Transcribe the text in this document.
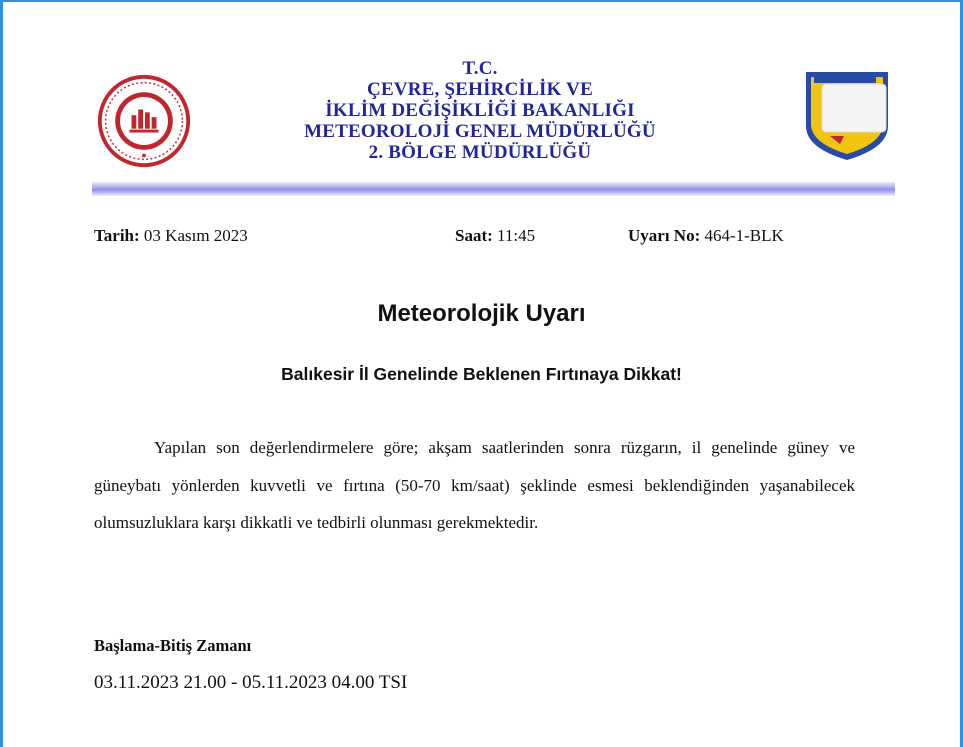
T.C.
ÇEVRE, ŞEHİRCİLİK VE
İKLİM DEĞİŞİKLİĞİ BAKANLIĞI
METEOROLOJİ GENEL MÜDÜRLÜĞÜ
2. BÖLGE MÜDÜRLÜĞÜ
Tarih: 03 Kasım 2023	Saat: 11:45	Uyarı No: 464-1-BLK
Meteorolojik Uyarı
Balıkesir İl Genelinde Beklenen Fırtınaya Dikkat!

Yapılan son değerlendirmelere göre; akşam saatlerinden sonra rüzgarın, il genelinde güney ve güneybatı yönlerden kuvvetli ve fırtına (50-70 km/saat) şeklinde esmesi beklendiğinden yaşanabilecek olumsuzluklara karşı dikkatli ve tedbirli olunması gerekmektedir.

Başlama-Bitiş Zamanı
03.11.2023 21.00 - 05.11.2023 04.00 TSI
